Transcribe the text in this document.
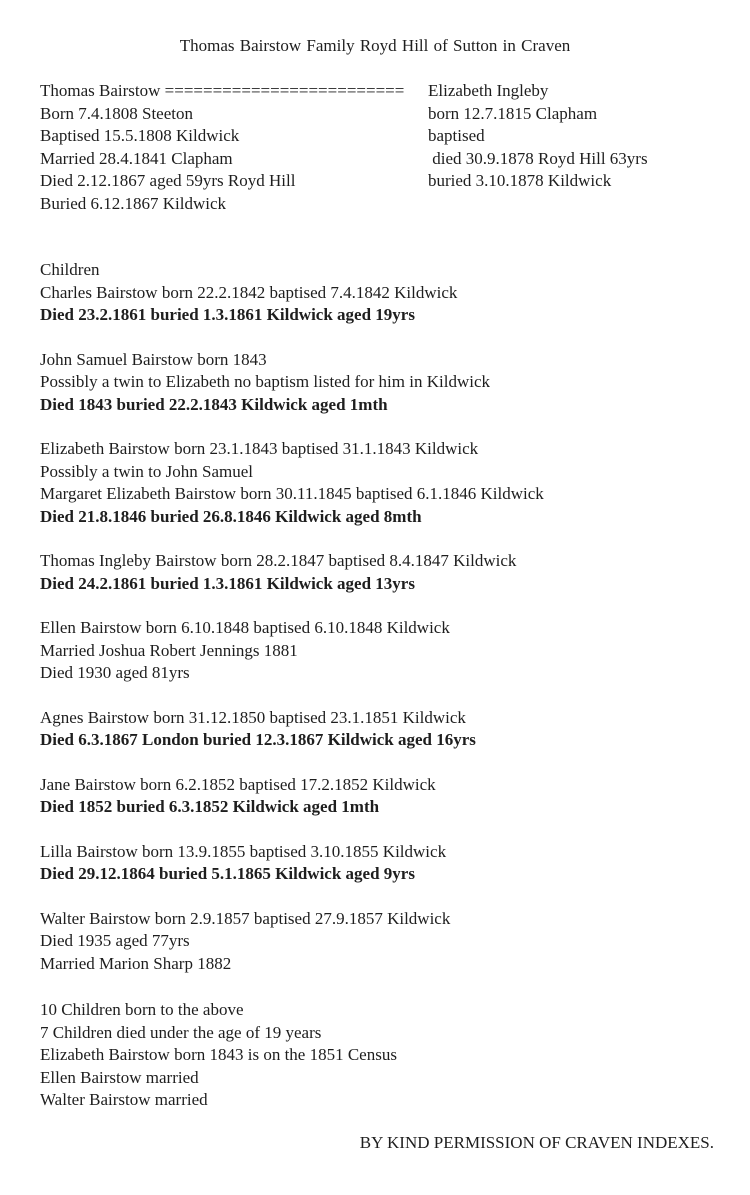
Thomas Bairstow Family Royd Hill of Sutton in Craven
Thomas Bairstow ========================= Elizabeth Ingleby
Born 7.4.1808 Steeton	born 12.7.1815 Clapham
Baptised 15.5.1808 Kildwick	baptised
Married 28.4.1841 Clapham	died 30.9.1878 Royd Hill 63yrs
Died 2.12.1867 aged 59yrs Royd Hill	buried 3.10.1878 Kildwick
Buried 6.12.1867 Kildwick

Children

Charles Bairstow born 22.2.1842 baptised 7.4.1842 Kildwick
Died 23.2.1861 buried 1.3.1861 Kildwick aged 19yrs

John Samuel Bairstow born 1843
Possibly a twin to Elizabeth no baptism listed for him in Kildwick
Died 1843 buried 22.2.1843 Kildwick aged 1mth

Elizabeth Bairstow born 23.1.1843 baptised 31.1.1843 Kildwick
Possibly a twin to John Samuel
Margaret Elizabeth Bairstow born 30.11.1845 baptised 6.1.1846 Kildwick
Died 21.8.1846 buried 26.8.1846 Kildwick aged 8mth

Thomas Ingleby Bairstow born 28.2.1847 baptised 8.4.1847 Kildwick
Died 24.2.1861 buried 1.3.1861 Kildwick aged 13yrs

Ellen Bairstow born 6.10.1848 baptised 6.10.1848 Kildwick
Married Joshua Robert Jennings 1881
Died 1930 aged 81yrs

Agnes Bairstow born 31.12.1850 baptised 23.1.1851 Kildwick
Died 6.3.1867 London buried 12.3.1867 Kildwick aged 16yrs

Jane Bairstow born 6.2.1852 baptised 17.2.1852 Kildwick
Died 1852 buried 6.3.1852 Kildwick aged 1mth

Lilla Bairstow born 13.9.1855 baptised 3.10.1855 Kildwick
Died 29.12.1864 buried 5.1.1865 Kildwick aged 9yrs

Walter Bairstow born 2.9.1857 baptised 27.9.1857 Kildwick
Died 1935 aged 77yrs
Married Marion Sharp 1882

10 Children born to the above
7 Children died under the age of 19 years
Elizabeth Bairstow born 1843 is on the 1851 Census
Ellen Bairstow married
Walter Bairstow married
BY KIND PERMISSION OF CRAVEN INDEXES.
